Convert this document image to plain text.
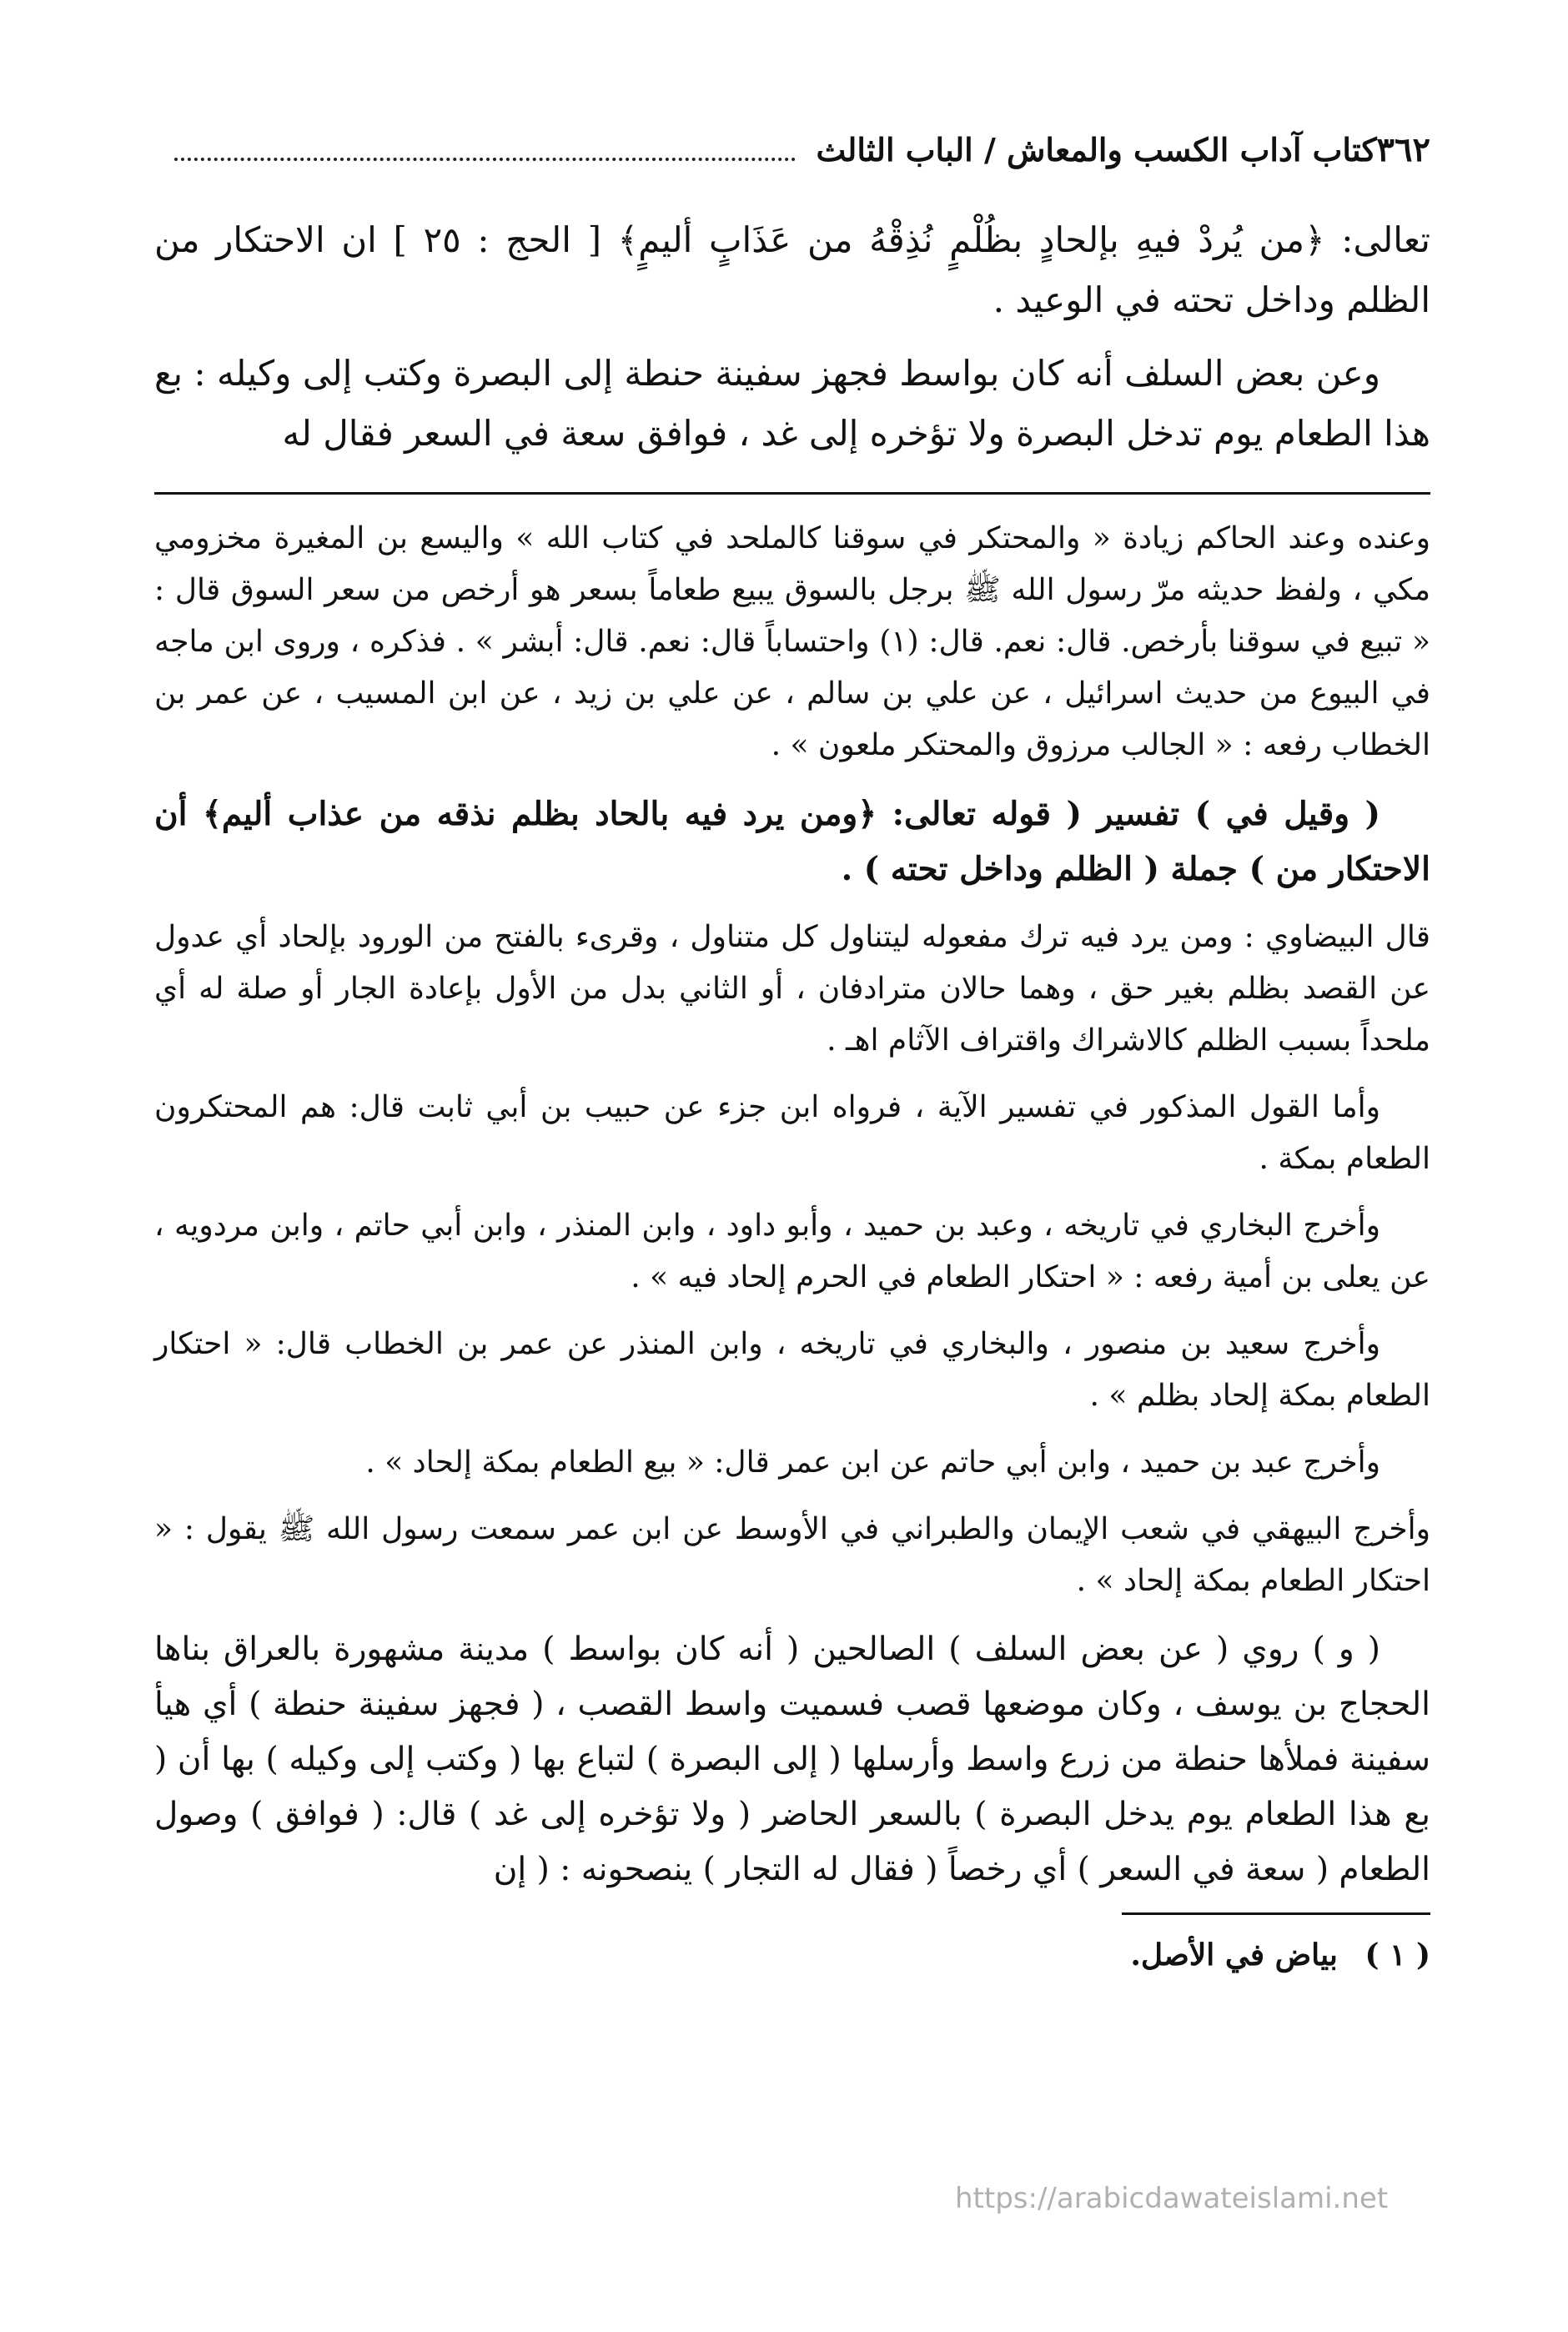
٣٦٢
كتاب آداب الكسب والمعاش / الباب الثالث

تعالى: ﴿من يُردْ فيهِ بإلحادٍ بظُلْمٍ نُذِقْهُ من عَذَابٍ أليمٍ﴾ [ الحج : ٢٥ ] ان الاحتكار من الظلم وداخل تحته في الوعيد .

وعن بعض السلف أنه كان بواسط فجهز سفينة حنطة إلى البصرة وكتب إلى وكيله : بع هذا الطعام يوم تدخل البصرة ولا تؤخره إلى غد ، فوافق سعة في السعر فقال له

وعنده وعند الحاكم زيادة « والمحتكر في سوقنا كالملحد في كتاب الله » واليسع بن المغيرة مخزومي مكي ، ولفظ حديثه مرّ رسول الله ﷺ برجل بالسوق يبيع طعاماً بسعر هو أرخص من سعر السوق قال : « تبيع في سوقنا بأرخص. قال: نعم. قال: (١) واحتساباً قال: نعم. قال: أبشر » . فذكره ، وروى ابن ماجه في البيوع من حديث اسرائيل ، عن علي بن سالم ، عن علي بن زيد ، عن ابن المسيب ، عن عمر بن الخطاب رفعه : « الجالب مرزوق والمحتكر ملعون » .

( وقيل في ) تفسير ( قوله تعالى: ﴿ومن يرد فيه بالحاد بظلم نذقه من عذاب أليم﴾ أن الاحتكار من ) جملة ( الظلم وداخل تحته ) .

قال البيضاوي : ومن يرد فيه ترك مفعوله ليتناول كل متناول ، وقرىء بالفتح من الورود بإلحاد أي عدول عن القصد بظلم بغير حق ، وهما حالان مترادفان ، أو الثاني بدل من الأول بإعادة الجار أو صلة له أي ملحداً بسبب الظلم كالاشراك واقتراف الآثام اهـ .

وأما القول المذكور في تفسير الآية ، فرواه ابن جزء عن حبيب بن أبي ثابت قال: هم المحتكرون الطعام بمكة .

وأخرج البخاري في تاريخه ، وعبد بن حميد ، وأبو داود ، وابن المنذر ، وابن أبي حاتم ، وابن مردويه ، عن يعلى بن أمية رفعه : « احتكار الطعام في الحرم إلحاد فيه » .

وأخرج سعيد بن منصور ، والبخاري في تاريخه ، وابن المنذر عن عمر بن الخطاب قال: « احتكار الطعام بمكة إلحاد بظلم » .

وأخرج عبد بن حميد ، وابن أبي حاتم عن ابن عمر قال: « بيع الطعام بمكة إلحاد » .

وأخرج البيهقي في شعب الإيمان والطبراني في الأوسط عن ابن عمر سمعت رسول الله ﷺ يقول : « احتكار الطعام بمكة إلحاد » .

( و ) روي ( عن بعض السلف ) الصالحين ( أنه كان بواسط ) مدينة مشهورة بالعراق بناها الحجاج بن يوسف ، وكان موضعها قصب فسميت واسط القصب ، ( فجهز سفينة حنطة ) أي هيأ سفينة فملأها حنطة من زرع واسط وأرسلها ( إلى البصرة ) لتباع بها ( وكتب إلى وكيله ) بها أن ( بع هذا الطعام يوم يدخل البصرة ) بالسعر الحاضر ( ولا تؤخره إلى غد ) قال: ( فوافق ) وصول الطعام ( سعة في السعر ) أي رخصاً ( فقال له التجار ) ينصحونه : ( إن

( ١ ) بياض في الأصل.
https://arabicdawateislami.net
